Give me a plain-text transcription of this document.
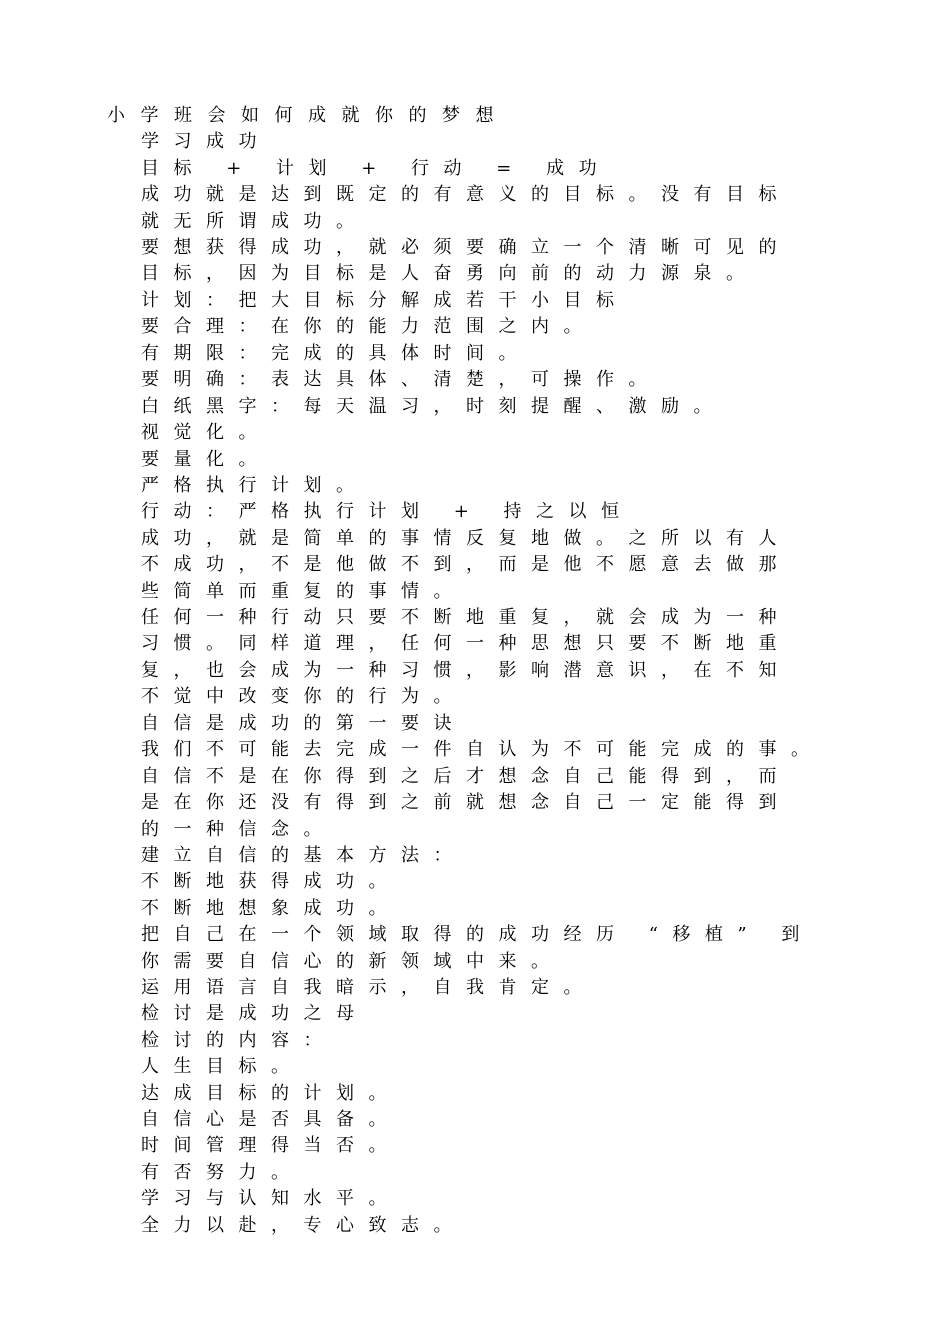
小学班会如何成就你的梦想
学习成功
目标 + 计划 + 行动 = 成功
成功就是达到既定的有意义的目标。没有目标
就无所谓成功。
要想获得成功，就必须要确立一个清晰可见的
目标，因为目标是人奋勇向前的动力源泉。
计划：把大目标分解成若干小目标
要合理：在你的能力范围之内。
有期限：完成的具体时间。
要明确：表达具体、清楚，可操作。
白纸黑字：每天温习，时刻提醒、激励。
视觉化。
要量化。
严格执行计划。
行动：严格执行计划 + 持之以恒
成功，就是简单的事情反复地做。之所以有人
不成功，不是他做不到，而是他不愿意去做那
些简单而重复的事情。
任何一种行动只要不断地重复，就会成为一种
习惯。同样道理，任何一种思想只要不断地重
复，也会成为一种习惯，影响潜意识，在不知
不觉中改变你的行为。
自信是成功的第一要诀
我们不可能去完成一件自认为不可能完成的事。
自信不是在你得到之后才想念自己能得到，而
是在你还没有得到之前就想念自己一定能得到
的一种信念。
建立自信的基本方法：
不断地获得成功。
不断地想象成功。
把自己在一个领域取得的成功经历 “移植” 到
你需要自信心的新领域中来。
运用语言自我暗示，自我肯定。
检讨是成功之母
检讨的内容：
人生目标。
达成目标的计划。
自信心是否具备。
时间管理得当否。
有否努力。
学习与认知水平。
全力以赴，专心致志。
